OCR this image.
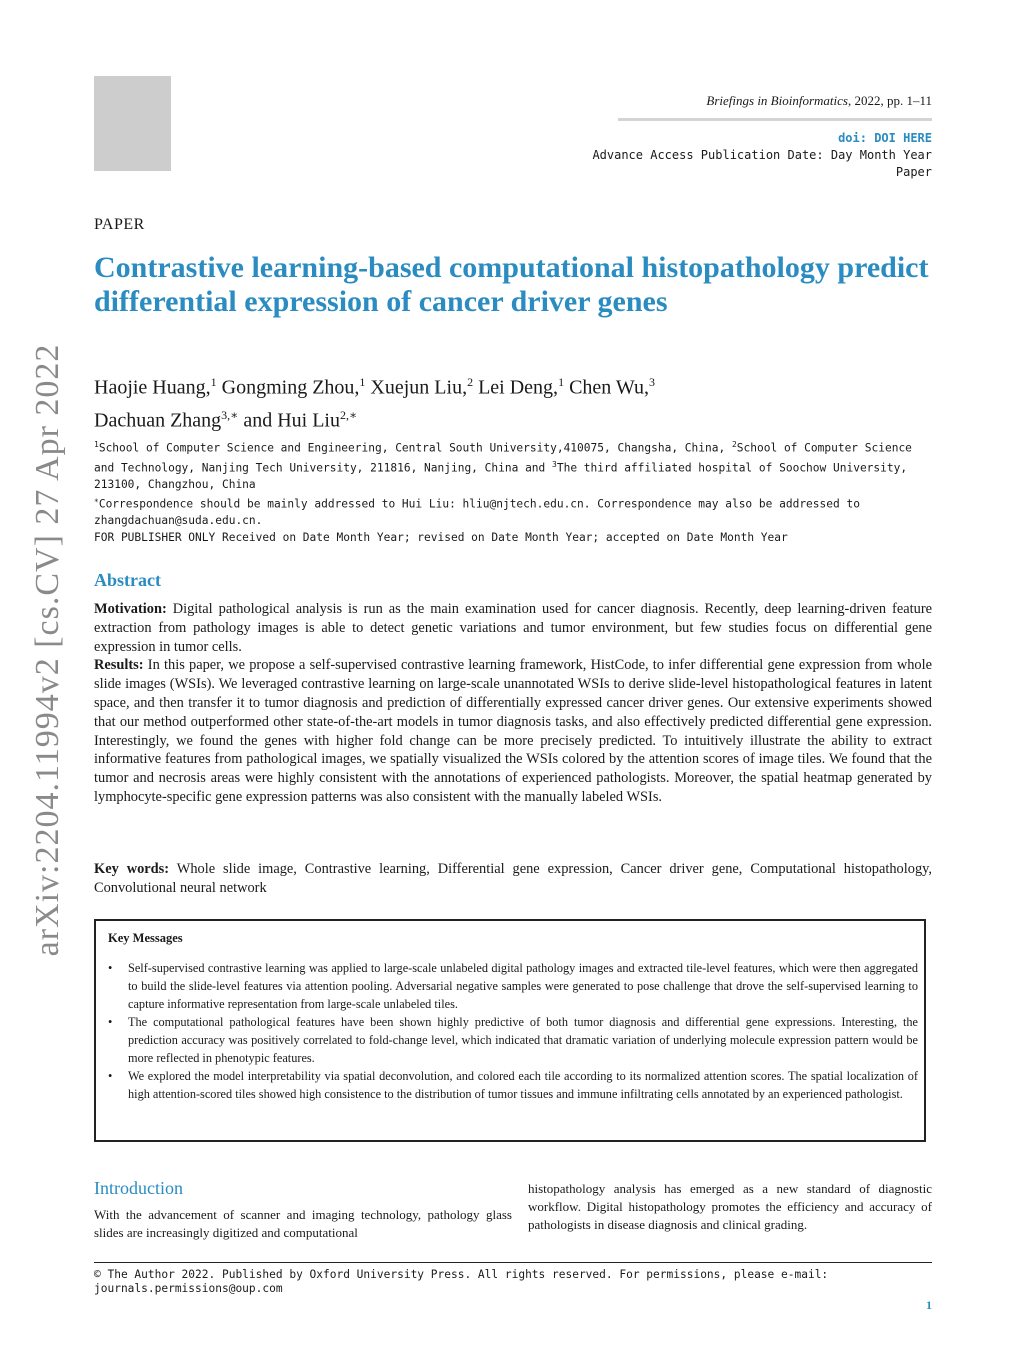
Briefings in Bioinformatics, 2022, pp. 1–11
doi: DOI HERE
Advance Access Publication Date: Day Month Year
Paper
arXiv:2204.11994v2 [cs.CV] 27 Apr 2022
PAPER
Contrastive learning-based computational histopathology predict differential expression of cancer driver genes
Haojie Huang,$^1$ Gongming Zhou,$^1$ Xuejun Liu,$^2$ Lei Deng,$^1$ Chen Wu,$^3$
Dachuan Zhang$^{3,∗}$ and Hui Liu$^{2,∗}$

$^1$School of Computer Science and Engineering, Central South University,410075, Changsha, China, $^2$School of Computer Science and Technology, Nanjing Tech University, 211816, Nanjing, China and $^3$The third affiliated hospital of Soochow University, 213100, Changzhou, China

∗Correspondence should be mainly addressed to Hui Liu: hliu@njtech.edu.cn. Correspondence may also be addressed to zhangdachuan@suda.edu.cn.

FOR PUBLISHER ONLY Received on Date Month Year; revised on Date Month Year; accepted on Date Month Year

Abstract

Motivation: Digital pathological analysis is run as the main examination used for cancer diagnosis. Recently, deep learning-driven feature extraction from pathology images is able to detect genetic variations and tumor environment, but few studies focus on differential gene expression in tumor cells.

Results: In this paper, we propose a self-supervised contrastive learning framework, HistCode, to infer differential gene expression from whole slide images (WSIs). We leveraged contrastive learning on large-scale unannotated WSIs to derive slide-level histopathological features in latent space, and then transfer it to tumor diagnosis and prediction of differentially expressed cancer driver genes. Our extensive experiments showed that our method outperformed other state-of-the-art models in tumor diagnosis tasks, and also effectively predicted differential gene expression. Interestingly, we found the genes with higher fold change can be more precisely predicted. To intuitively illustrate the ability to extract informative features from pathological images, we spatially visualized the WSIs colored by the attention scores of image tiles. We found that the tumor and necrosis areas were highly consistent with the annotations of experienced pathologists. Moreover, the spatial heatmap generated by lymphocyte-specific gene expression patterns was also consistent with the manually labeled WSIs.

Key words: Whole slide image, Contrastive learning, Differential gene expression, Cancer driver gene, Computational histopathology, Convolutional neural network

Key Messages
• Self-supervised contrastive learning was applied to large-scale unlabeled digital pathology images and extracted tile-level features, which were then aggregated to build the slide-level features via attention pooling. Adversarial negative samples were generated to pose challenge that drove the self-supervised learning to capture informative representation from large-scale unlabeled tiles.
• The computational pathological features have been shown highly predictive of both tumor diagnosis and differential gene expressions. Interesting, the prediction accuracy was positively correlated to fold-change level, which indicated that dramatic variation of underlying molecule expression pattern would be more reflected in phenotypic features.
• We explored the model interpretability via spatial deconvolution, and colored each tile according to its normalized attention scores. The spatial localization of high attention-scored tiles showed high consistence to the distribution of tumor tissues and immune infiltrating cells annotated by an experienced pathologist.
Introduction
With the advancement of scanner and imaging technology, pathology glass slides are increasingly digitized and computational
histopathology analysis has emerged as a new standard of diagnostic workflow. Digital histopathology promotes the efficiency and accuracy of pathologists in disease diagnosis and clinical grading.
© The Author 2022. Published by Oxford University Press. All rights reserved. For permissions, please e-mail: journals.permissions@oup.com
1
